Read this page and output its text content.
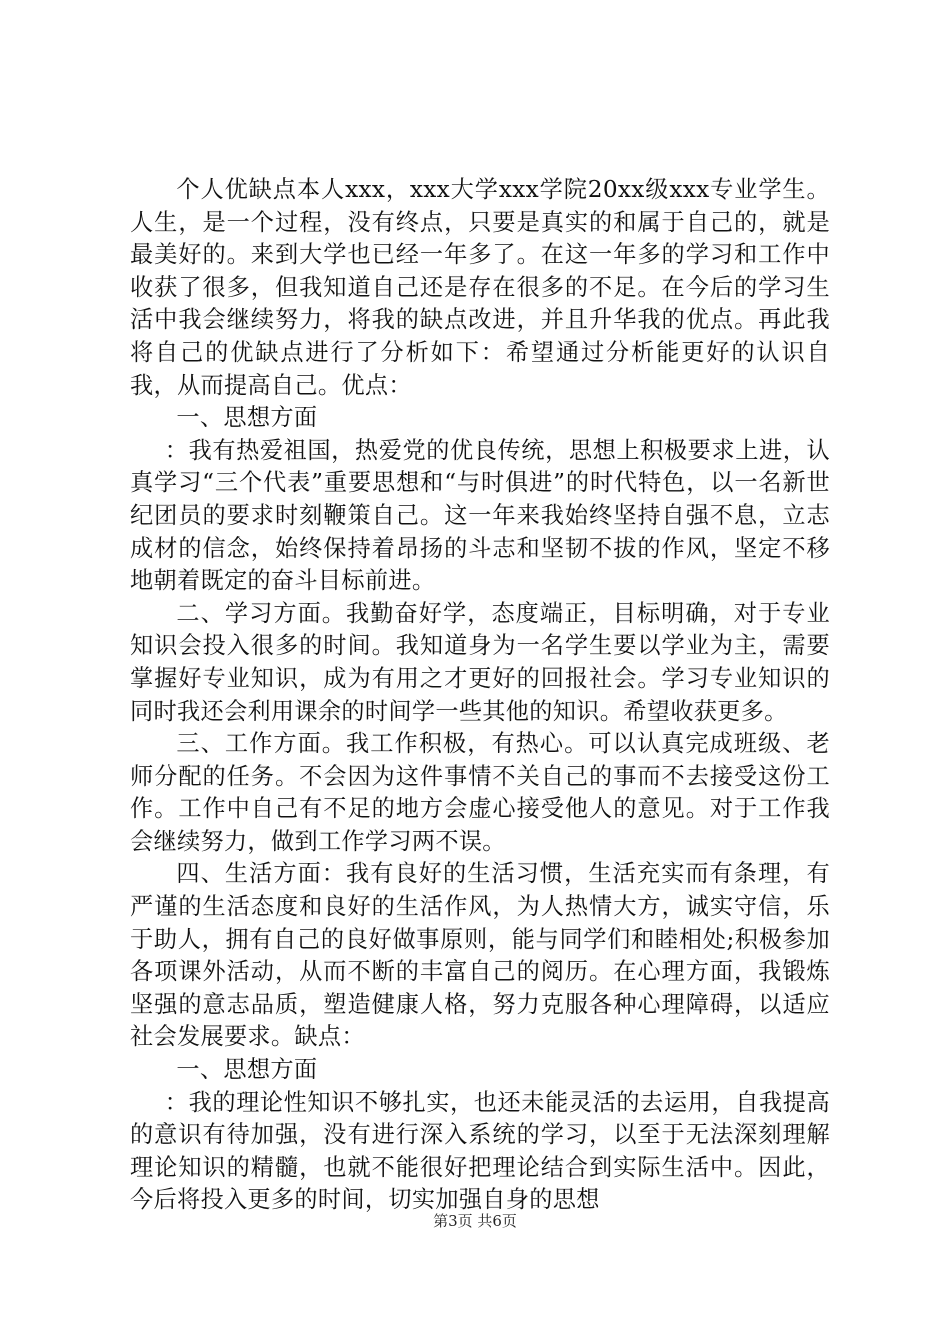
个人优缺点本人xxx，xxx大学xxx学院20xx级xxx专业学生。人生，是一个过程，没有终点，只要是真实的和属于自己的，就是最美好的。来到大学也已经一年多了。在这一年多的学习和工作中收获了很多，但我知道自己还是存在很多的不足。在今后的学习生活中我会继续努力，将我的缺点改进，并且升华我的优点。再此我将自己的优缺点进行了分析如下：希望通过分析能更好的认识自我，从而提高自己。优点：

一、思想方面

：我有热爱祖国，热爱党的优良传统，思想上积极要求上进，认真学习“三个代表”重要思想和“与时俱进”的时代特色，以一名新世纪团员的要求时刻鞭策自己。这一年来我始终坚持自强不息，立志成材的信念，始终保持着昂扬的斗志和坚韧不拔的作风，坚定不移地朝着既定的奋斗目标前进。

二、学习方面。我勤奋好学，态度端正，目标明确，对于专业知识会投入很多的时间。我知道身为一名学生要以学业为主，需要掌握好专业知识，成为有用之才更好的回报社会。学习专业知识的同时我还会利用课余的时间学一些其他的知识。希望收获更多。

三、工作方面。我工作积极，有热心。可以认真完成班级、老师分配的任务。不会因为这件事情不关自己的事而不去接受这份工作。工作中自己有不足的地方会虚心接受他人的意见。对于工作我会继续努力，做到工作学习两不误。

四、生活方面：我有良好的生活习惯，生活充实而有条理，有严谨的生活态度和良好的生活作风，为人热情大方，诚实守信，乐于助人，拥有自己的良好做事原则，能与同学们和睦相处;积极参加各项课外活动，从而不断的丰富自己的阅历。在心理方面，我锻炼坚强的意志品质，塑造健康人格，努力克服各种心理障碍，以适应社会发展要求。缺点：

一、思想方面

：我的理论性知识不够扎实，也还未能灵活的去运用，自我提高的意识有待加强，没有进行深入系统的学习，以至于无法深刻理解理论知识的精髓，也就不能很好把理论结合到实际生活中。因此，今后将投入更多的时间，切实加强自身的思想

第3页 共6页
